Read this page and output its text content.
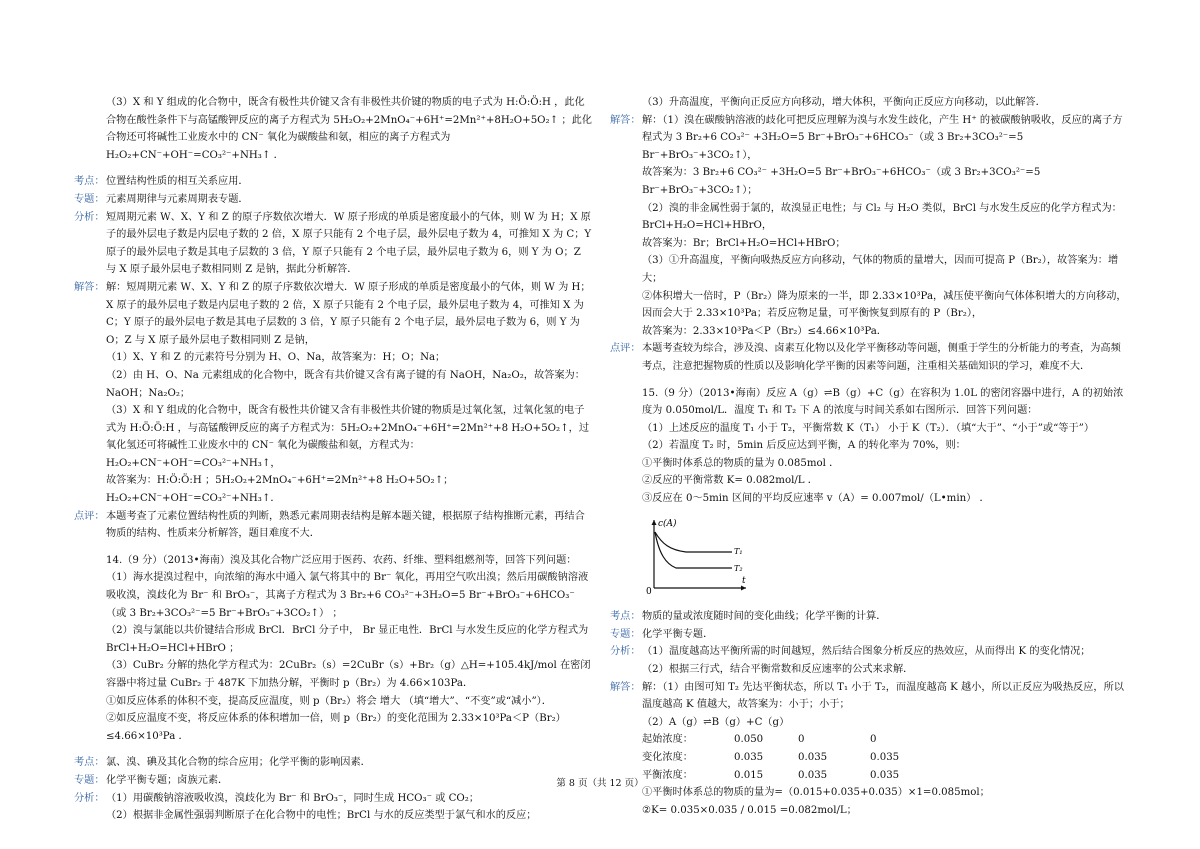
（3）X 和 Y 组成的化合物中，既含有极性共价键又含有非极性共价键的物质的电子式为 H:Ö:Ö:H ，此化合物在酸性条件下与高锰酸钾反应的离子方程式为 5H₂O₂+2MnO₄⁻+6H⁺=2Mn²⁺+8H₂O+5O₂↑ ；此化合物还可将碱性工业废水中的 CN⁻ 氧化为碳酸盐和氨，相应的离子方程式为 H₂O₂+CN⁻+OH⁻=CO₃²⁻+NH₃↑ ．
考点： 位置结构性质的相互关系应用．
专题： 元素周期律与元素周期表专题．
分析： 短周期元素 W、X、Y 和 Z 的原子序数依次增大．W 原子形成的单质是密度最小的气体，则 W 为 H；X 原子的最外层电子数是内层电子数的 2 倍，X 原子只能有 2 个电子层，最外层电子数为 4，可推知 X 为 C；Y 原子的最外层电子数是其电子层数的 3 倍，Y 原子只能有 2 个电子层，最外层电子数为 6，则 Y 为 O；Z 与 X 原子最外层电子数相同则 Z 是钠，据此分析解答．
解答： 解：短周期元素 W、X、Y 和 Z 的原子序数依次增大．W 原子形成的单质是密度最小的气体，则 W 为 H；X 原子的最外层电子数是内层电子数的 2 倍，X 原子只能有 2 个电子层，最外层电子数为 4，可推知 X 为 C；Y 原子的最外层电子数是其电子层数的 3 倍，Y 原子只能有 2 个电子层，最外层电子数为 6，则 Y 为 O；Z 与 X 原子最外层电子数相同则 Z 是钠，
（1）X、Y 和 Z 的元素符号分别为 H、O、Na，故答案为：H；O；Na；
（2）由 H、O、Na 元素组成的化合物中，既含有共价键又含有离子键的有 NaOH，Na₂O₂，故答案为：NaOH；Na₂O₂；
（3）X 和 Y 组成的化合物中，既含有极性共价键又含有非极性共价键的物质是过氧化氢，过氧化氢的电子式为 H:Ö:Ö:H ，与高锰酸钾反应的离子方程式为：5H₂O₂+2MnO₄⁻+6H⁺=2Mn²⁺+8 H₂O+5O₂↑，过氧化氢还可将碱性工业废水中的 CN⁻ 氧化为碳酸盐和氨，方程式为：H₂O₂+CN⁻+OH⁻=CO₃²⁻+NH₃↑，
故答案为：H:Ö:Ö:H ；5H₂O₂+2MnO₄⁻+6H⁺=2Mn²⁺+8 H₂O+5O₂↑；H₂O₂+CN⁻+OH⁻=CO₃²⁻+NH₃↑．
点评： 本题考查了元素位置结构性质的判断，熟悉元素周期表结构是解本题关键，根据原子结构推断元素，再结合物质的结构、性质来分析解答，题目难度不大．
14.（9 分）（2013•海南）溴及其化合物广泛应用于医药、农药、纤维、塑料组燃剂等，回答下列问题：
（1）海水提溴过程中，向浓缩的海水中通入 氯气将其中的 Br⁻ 氧化，再用空气吹出溴；然后用碳酸钠溶液吸收溴，溴歧化为 Br⁻ 和 BrO₃⁻，其离子方程式为 3 Br₂+6 CO₃²⁻+3H₂O=5 Br⁻+BrO₃⁻+6HCO₃⁻（或 3 Br₂+3CO₃²⁻=5 Br⁻+BrO₃⁻+3CO₂↑） ；
（2）溴与氯能以共价键结合形成 BrCl．BrCl 分子中， Br 显正电性．BrCl 与水发生反应的化学方程式为 BrCl+H₂O=HCl+HBrO ；
（3）CuBr₂ 分解的热化学方程式为：2CuBr₂（s）=2CuBr（s）+Br₂（g）△H=+105.4kJ/mol 在密闭容器中将过量 CuBr₂ 于 487K 下加热分解，平衡时 p（Br₂）为 4.66×103Pa．
①如反应体系的体积不变，提高反应温度，则 p（Br₂）将会 增大 （填“增大”、“不变”或“减小”）．
②如反应温度不变，将反应体系的体积增加一倍，则 p（Br₂）的变化范围为 2.33×10³Pa＜P（Br₂）≤4.66×10³Pa ．
考点： 氯、溴、碘及其化合物的综合应用；化学平衡的影响因素．
专题： 化学平衡专题；卤族元素．
分析： （1）用碳酸钠溶液吸收溴，溴歧化为 Br⁻ 和 BrO₃⁻，同时生成 HCO₃⁻ 或 CO₂；
（2）根据非金属性强弱判断原子在化合物中的电性；BrCl 与水的反应类型于氯气和水的反应；
（3）升高温度，平衡向正反应方向移动，增大体积，平衡向正反应方向移动，以此解答．
解答： 解：（1）溴在碳酸钠溶液的歧化可把反应理解为溴与水发生歧化，产生 H⁺ 的被碳酸钠吸收，反应的离子方程式为 3 Br₂+6 CO₃²⁻ +3H₂O=5 Br⁻+BrO₃⁻+6HCO₃⁻（或 3 Br₂+3CO₃²⁻=5 Br⁻+BrO₃⁻+3CO₂↑），
故答案为：3 Br₂+6 CO₃²⁻ +3H₂O=5 Br⁻+BrO₃⁻+6HCO₃⁻（或 3 Br₂+3CO₃²⁻=5 Br⁻+BrO₃⁻+3CO₂↑）；
（2）溴的非金属性弱于氯的，故溴显正电性；与 Cl₂ 与 H₂O 类似，BrCl 与水发生反应的化学方程式为：BrCl+H₂O=HCl+HBrO，
故答案为：Br；BrCl+H₂O=HCl+HBrO；
（3）①升高温度，平衡向吸热反应方向移动，气体的物质的量增大，因而可提高 P（Br₂），故答案为：增大；
②体积增大一倍时，P（Br₂）降为原来的一半，即 2.33×10³Pa，减压使平衡向气体体积增大的方向移动，因而会大于 2.33×10³Pa；若反应物足量，可平衡恢复到原有的 P（Br₂），
故答案为：2.33×10³Pa＜P（Br₂）≤4.66×10³Pa．
点评： 本题考查较为综合，涉及溴、卤素互化物以及化学平衡移动等问题，侧重于学生的分析能力的考查，为高频考点，注意把握物质的性质以及影响化学平衡的因素等问题，注重相关基础知识的学习，难度不大．
15.（9 分）（2013•海南）反应 A（g）⇌B（g）+C（g）在容积为 1.0L 的密闭容器中进行，A 的初始浓度为 0.050mol/L．温度 T₁ 和 T₂ 下 A 的浓度与时间关系如右图所示．回答下列问题：
（1）上述反应的温度 T₁ 小于 T₂，平衡常数 K（T₁） 小于 K（T₂）．（填“大于”、“小于”或“等于”）
（2）若温度 T₂ 时，5min 后反应达到平衡，A 的转化率为 70%，则：
①平衡时体系总的物质的量为 0.085mol ．
②反应的平衡常数 K= 0.082mol/L ．
③反应在 0～5min 区间的平均反应速率 v（A）= 0.007mol/（L•min） ．
c(A)
t
0
T₁
T₂
考点： 物质的量或浓度随时间的变化曲线；化学平衡的计算．
专题： 化学平衡专题．
分析： （1）温度越高达平衡所需的时间越短，然后结合图象分析反应的热效应，从而得出 K 的变化情况；
（2）根据三行式，结合平衡常数和反应速率的公式来求解．
解答： 解：（1）由图可知 T₂ 先达平衡状态，所以 T₁ 小于 T₂，而温度越高 K 越小，所以正反应为吸热反应，所以温度越高 K 值越大，故答案为：小于；小于；
（2）A（g）⇌B（g）+C（g）
起始浓度：	0.050	0	0
变化浓度：	0.035	0.035	0.035
平衡浓度：	0.015	0.035	0.035
①平衡时体系总的物质的量为=（0.015+0.035+0.035）×1=0.085mol；
②K= 0.035×0.035 / 0.015 =0.082mol/L；
第 8 页（共 12 页）
